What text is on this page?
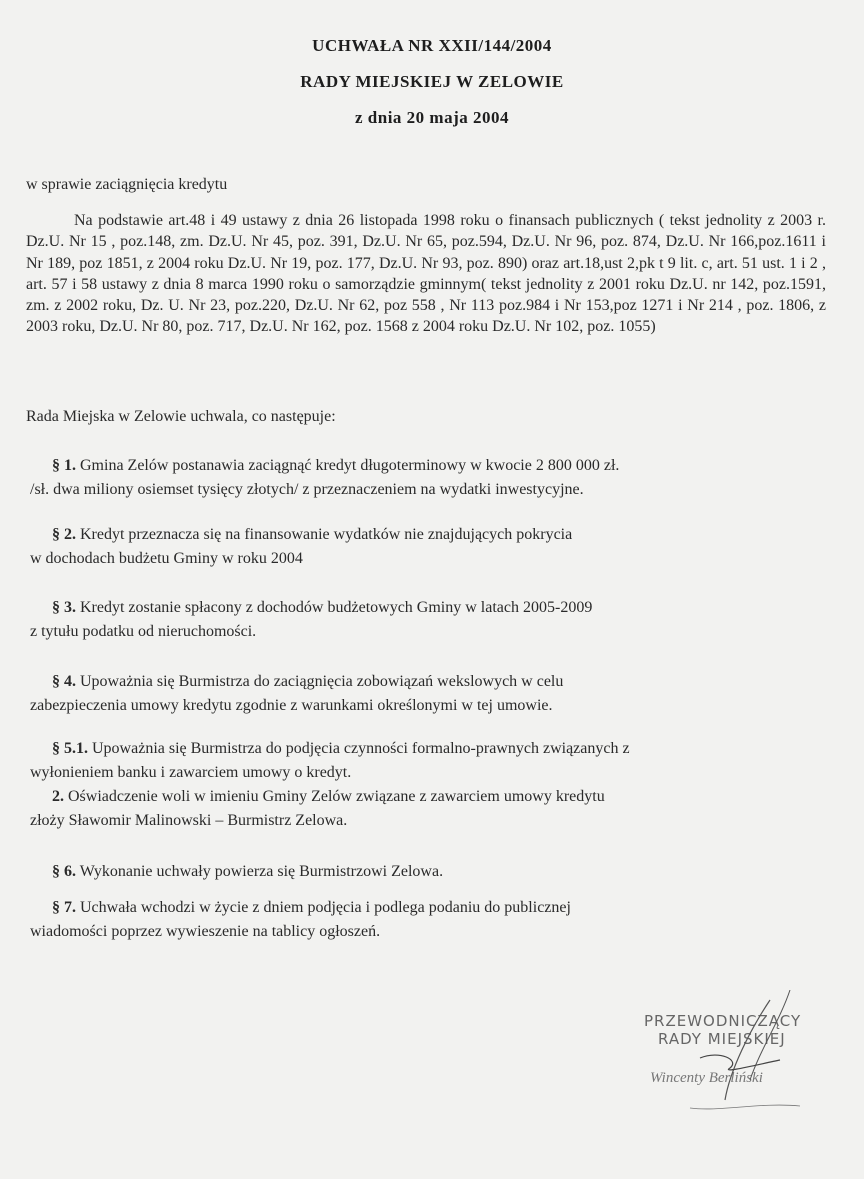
UCHWAŁA NR XXII/144/2004
RADY MIEJSKIEJ W ZELOWIE
z dnia 20 maja 2004
w sprawie zaciągnięcia kredytu
Na podstawie art.48 i 49 ustawy z dnia 26 listopada 1998 roku o finansach publicznych ( tekst jednolity z 2003 r. Dz.U. Nr 15 , poz.148, zm. Dz.U. Nr 45, poz. 391, Dz.U. Nr 65, poz.594, Dz.U. Nr 96, poz. 874, Dz.U. Nr 166,poz.1611 i Nr 189, poz 1851, z 2004 roku Dz.U. Nr 19, poz. 177, Dz.U. Nr 93, poz. 890) oraz art.18,ust 2,pk t 9 lit. c, art. 51 ust. 1 i 2 , art. 57 i 58 ustawy z dnia 8 marca 1990 roku o samorządzie gminnym( tekst jednolity z 2001 roku Dz.U. nr 142, poz.1591, zm. z 2002 roku, Dz. U. Nr 23, poz.220, Dz.U. Nr 62, poz 558 , Nr 113 poz.984 i Nr 153,poz 1271 i Nr 214 , poz. 1806, z 2003 roku, Dz.U. Nr 80, poz. 717, Dz.U. Nr 162, poz. 1568 z 2004 roku Dz.U. Nr 102, poz. 1055)
Rada Miejska w Zelowie uchwala, co następuje:
§ 1. Gmina Zelów postanawia zaciągnąć kredyt długoterminowy w kwocie 2 800 000 zł.
/sł. dwa miliony osiemset tysięcy złotych/ z przeznaczeniem na wydatki inwestycyjne.
§ 2. Kredyt przeznacza się na finansowanie wydatków nie znajdujących pokrycia
w dochodach budżetu Gminy w roku 2004
§ 3. Kredyt zostanie spłacony z dochodów budżetowych Gminy w latach 2005-2009
z tytułu podatku od nieruchomości.
§ 4. Upoważnia się Burmistrza do zaciągnięcia zobowiązań wekslowych w celu
zabezpieczenia umowy kredytu zgodnie z warunkami określonymi w tej umowie.
§ 5.1. Upoważnia się Burmistrza do podjęcia czynności formalno-prawnych związanych z
wyłonieniem banku i zawarciem umowy o kredyt.
2. Oświadczenie woli w imieniu Gminy Zelów związane z zawarciem umowy kredytu
złoży Sławomir Malinowski – Burmistrz Zelowa.
§ 6. Wykonanie uchwały powierza się Burmistrzowi Zelowa.
§ 7. Uchwała wchodzi w życie z dniem podjęcia i podlega podaniu do publicznej
wiadomości poprzez wywieszenie na tablicy ogłoszeń.
PRZEWODNICZĄCY
RADY MIEJSKIEJ
Wincenty Berliński
